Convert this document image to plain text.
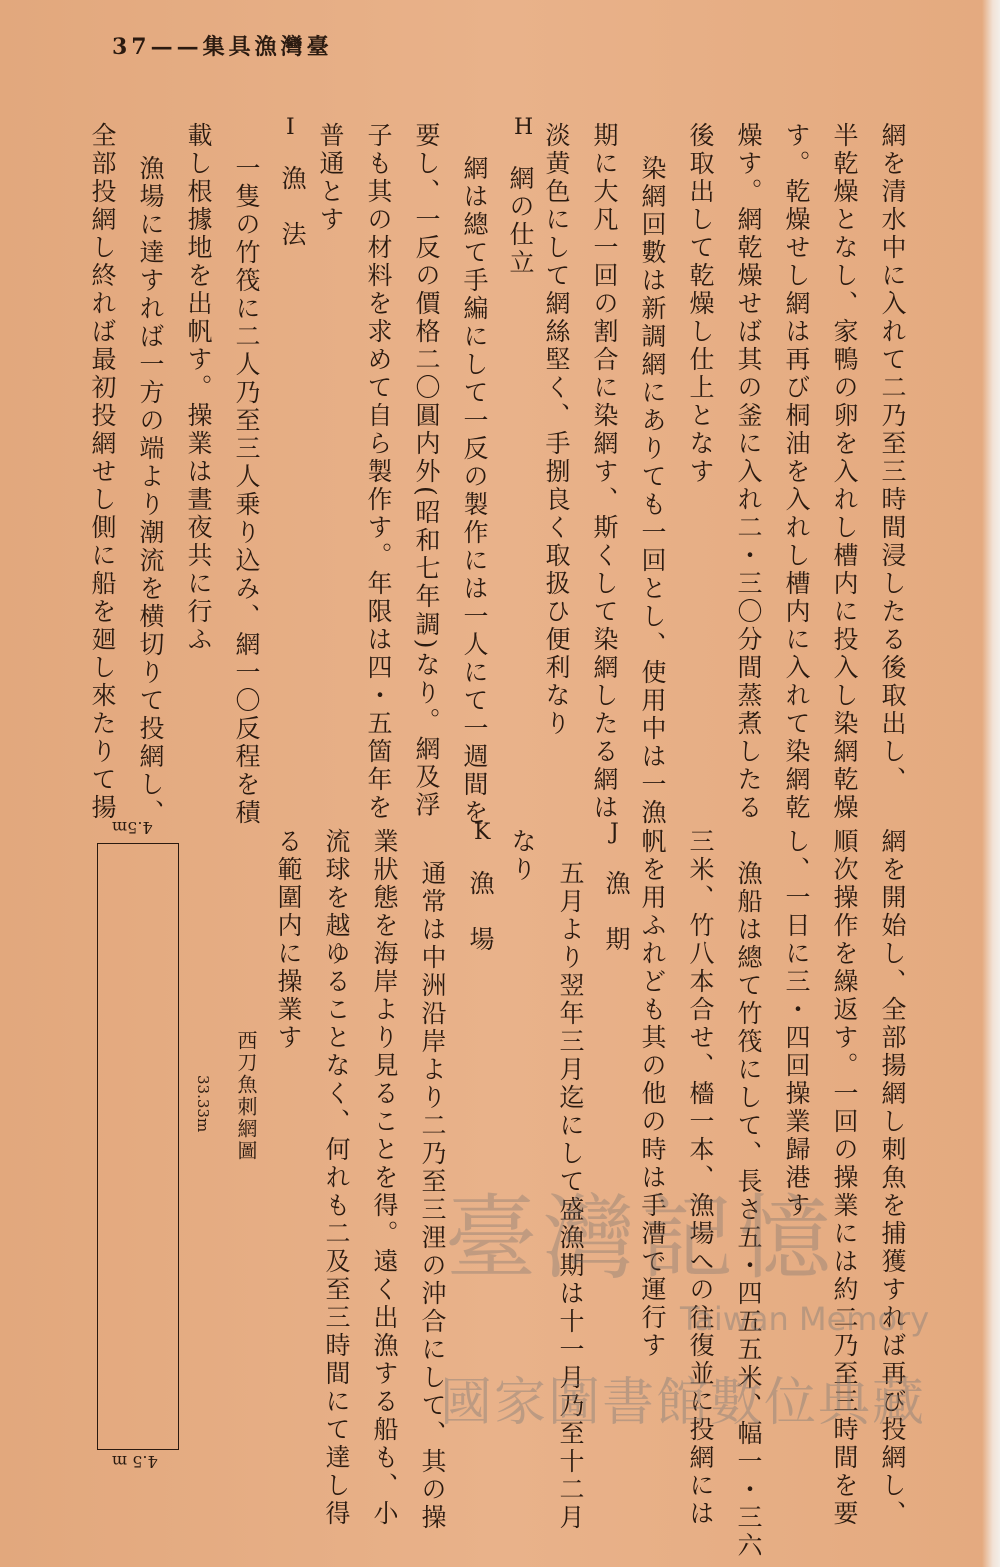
37——集具漁灣臺
網を清水中に入れて二乃至三時間浸したる後取出し、
半乾燥となし、家鴨の卵を入れし槽内に投入し染網乾燥
す。乾燥せし網は再び桐油を入れし槽内に入れて染網乾
燥す。網乾燥せば其の釜に入れ二・三〇分間蒸煮したる
後取出して乾燥し仕上となす
染網回數は新調網にありても一回とし、使用中は一漁
期に大凡一回の割合に染網す、斯くして染網したる網は
淡黄色にして網絲堅く、手捌良く取扱ひ便利なり
H
網の仕立
網は總て手編にして一反の製作には一人にて一週間を
要し、一反の價格二〇圓内外(昭和七年調)なり。網及浮
子も其の材料を求めて自ら製作す。年限は四・五箇年を
普通とす
I
漁　法
一隻の竹筏に二人乃至三人乗り込み、網一〇反程を積
載し根據地を出帆す。操業は晝夜共に行ふ
漁場に達すれば一方の端より潮流を横切りて投網し、
全部投網し終れば最初投網せし側に船を廻し來たりて揚
網を開始し、全部揚網し刺魚を捕獲すれば再び投網し、
順次操作を繰返す。一回の操業には約二乃至三時間を要
し、一日に三・四回操業歸港す
漁船は總て竹筏にして、長さ五・四五五米、幅一・三六
三米、竹八本合せ、檣一本、漁場への往復並に投網には
帆を用ふれども其の他の時は手漕で運行す
J
漁　期
五月より翌年三月迄にして盛漁期は十一月乃至十二月
なり
K
漁　場
通常は中洲沿岸より二乃至三浬の沖合にして、其の操
業狀態を海岸より見ることを得。遠く出漁する船も、小
流球を越ゆることなく、何れも二及至三時間にて達し得
る範圍内に操業す
西刀魚刺網圖
33.33m
4.5m
4.5 m
臺灣記憶
Taiwan Memory
國家圖書館數位典藏
